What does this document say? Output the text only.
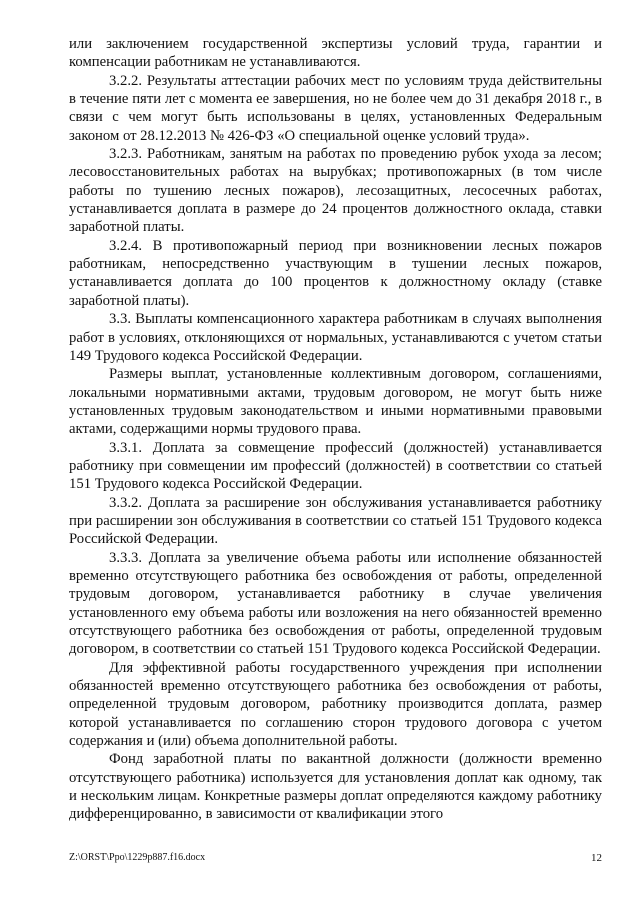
или заключением государственной экспертизы условий труда, гарантии и компенсации работникам не устанавливаются.

3.2.2. Результаты аттестации рабочих мест по условиям труда действительны в течение пяти лет с момента ее завершения, но не более чем до 31 декабря 2018 г., в связи с чем могут быть использованы в целях, установленных Федеральным законом от 28.12.2013 № 426-ФЗ «О специальной оценке условий труда».

3.2.3. Работникам, занятым на работах по проведению рубок ухода за лесом; лесовосстановительных работах на вырубках; противопожарных (в том числе работы по тушению лесных пожаров), лесозащитных, лесосечных работах, устанавливается доплата в размере до 24 процентов должностного оклада, ставки заработной платы.

3.2.4. В противопожарный период при возникновении лесных пожаров работникам, непосредственно участвующим в тушении лесных пожаров, устанавливается доплата до 100 процентов к должностному окладу (ставке заработной платы).

3.3. Выплаты компенсационного характера работникам в случаях выполнения работ в условиях, отклоняющихся от нормальных, устанавливаются с учетом статьи 149 Трудового кодекса Российской Федерации.

Размеры выплат, установленные коллективным договором, соглашениями, локальными нормативными актами, трудовым договором, не могут быть ниже установленных трудовым законодательством и иными нормативными правовыми актами, содержащими нормы трудового права.

3.3.1. Доплата за совмещение профессий (должностей) устанавливается работнику при совмещении им профессий (должностей) в соответствии со статьей 151 Трудового кодекса Российской Федерации.

3.3.2. Доплата за расширение зон обслуживания устанавливается работнику при расширении зон обслуживания в соответствии со статьей 151 Трудового кодекса Российской Федерации.

3.3.3. Доплата за увеличение объема работы или исполнение обязанностей временно отсутствующего работника без освобождения от работы, определенной трудовым договором, устанавливается работнику в случае увеличения установленного ему объема работы или возложения на него обязанностей временно отсутствующего работника без освобождения от работы, определенной трудовым договором, в соответствии со статьей 151 Трудового кодекса Российской Федерации.

Для эффективной работы государственного учреждения при исполнении обязанностей временно отсутствующего работника без освобождения от работы, определенной трудовым договором, работнику производится доплата, размер которой устанавливается по соглашению сторон трудового договора с учетом содержания и (или) объема дополнительной работы.

Фонд заработной платы по вакантной должности (должности временно отсутствующего работника) используется для установления доплат как одному, так и нескольким лицам. Конкретные размеры доплат определяются каждому работнику дифференцированно, в зависимости от квалификации этого

Z:\ORST\Ppo\1229p887.f16.docx	12
